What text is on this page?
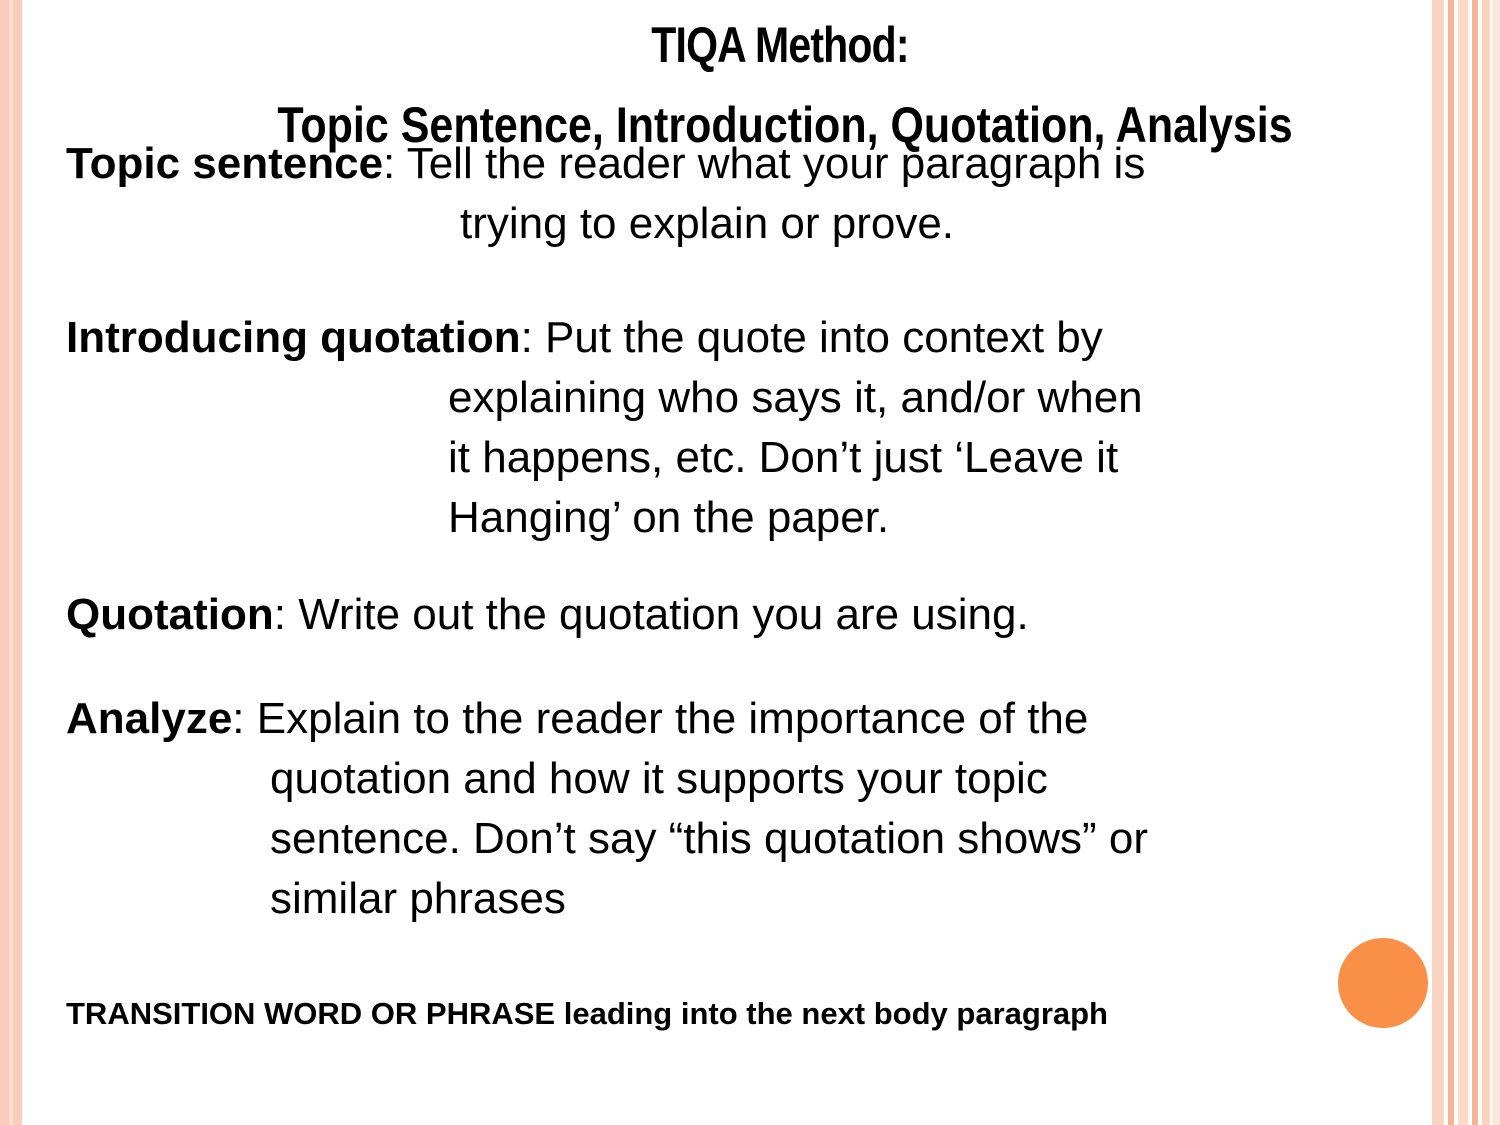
Topic sentence: Tell the reader what your paragraph is
trying to explain or prove.
Introducing quotation: Put the quote into context by
explaining who says it, and/or when
it happens, etc. Don’t just ‘Leave it
Hanging’ on the paper.
Quotation: Write out the quotation you are using.
Analyze: Explain to the reader the importance of the
quotation and how it supports your topic
sentence. Don’t say “this quotation shows” or
similar phrases
TRANSITION WORD OR PHRASE leading into the next body paragraph
TIQA Method:
Topic Sentence, Introduction, Quotation, Analysis
